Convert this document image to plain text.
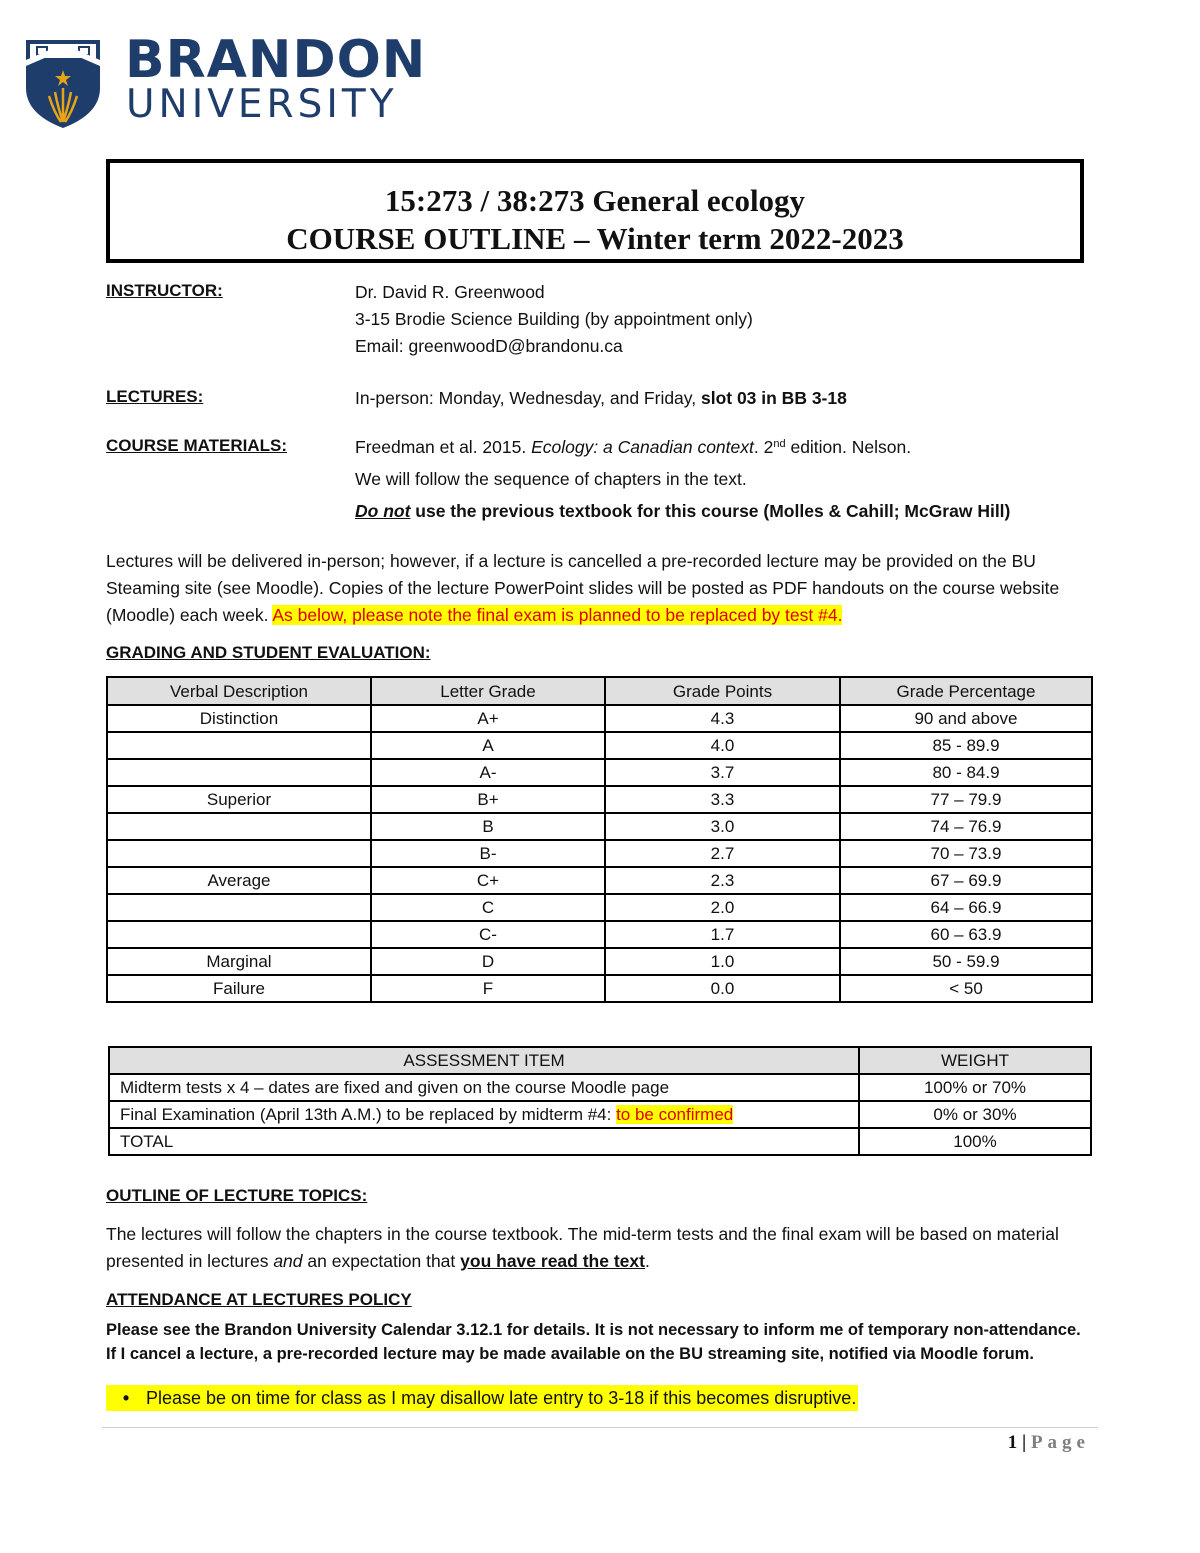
BRANDON
UNIVERSITY
15:273 / 38:273 General ecology
COURSE OUTLINE – Winter term 2022-2023
INSTRUCTOR:	Dr. David R. Greenwood
3-15 Brodie Science Building (by appointment only)
Email: greenwoodD@brandonu.ca
LECTURES:	In-person: Monday, Wednesday, and Friday, slot 03 in BB 3-18
COURSE MATERIALS:	Freedman et al. 2015. Ecology: a Canadian context. 2nd edition. Nelson.
We will follow the sequence of chapters in the text.
Do not use the previous textbook for this course (Molles & Cahill; McGraw Hill)
Lectures will be delivered in-person; however, if a lecture is cancelled a pre-recorded lecture may be provided on the BU Steaming site (see Moodle). Copies of the lecture PowerPoint slides will be posted as PDF handouts on the course website (Moodle) each week. As below, please note the final exam is planned to be replaced by test #4.
GRADING AND STUDENT EVALUATION:
Verbal Description	Letter Grade	Grade Points	Grade Percentage
Distinction	A+	4.3	90 and above
	A	4.0	85 - 89.9
	A-	3.7	80 - 84.9
Superior	B+	3.3	77 – 79.9
	B	3.0	74 – 76.9
	B-	2.7	70 – 73.9
Average	C+	2.3	67 – 69.9
	C	2.0	64 – 66.9
	C-	1.7	60 – 63.9
Marginal	D	1.0	50 - 59.9
Failure	F	0.0	< 50
ASSESSMENT ITEM	WEIGHT
Midterm tests x 4 – dates are fixed and given on the course Moodle page	100% or 70%
Final Examination (April 13th A.M.) to be replaced by midterm #4: to be confirmed	0% or 30%
TOTAL	100%
OUTLINE OF LECTURE TOPICS:
The lectures will follow the chapters in the course textbook. The mid-term tests and the final exam will be based on material presented in lectures and an expectation that you have read the text.
ATTENDANCE AT LECTURES POLICY
Please see the Brandon University Calendar 3.12.1 for details. It is not necessary to inform me of temporary non-attendance.
If I cancel a lecture, a pre-recorded lecture may be made available on the BU streaming site, notified via Moodle forum.
• Please be on time for class as I may disallow late entry to 3-18 if this becomes disruptive.
1 | Page
